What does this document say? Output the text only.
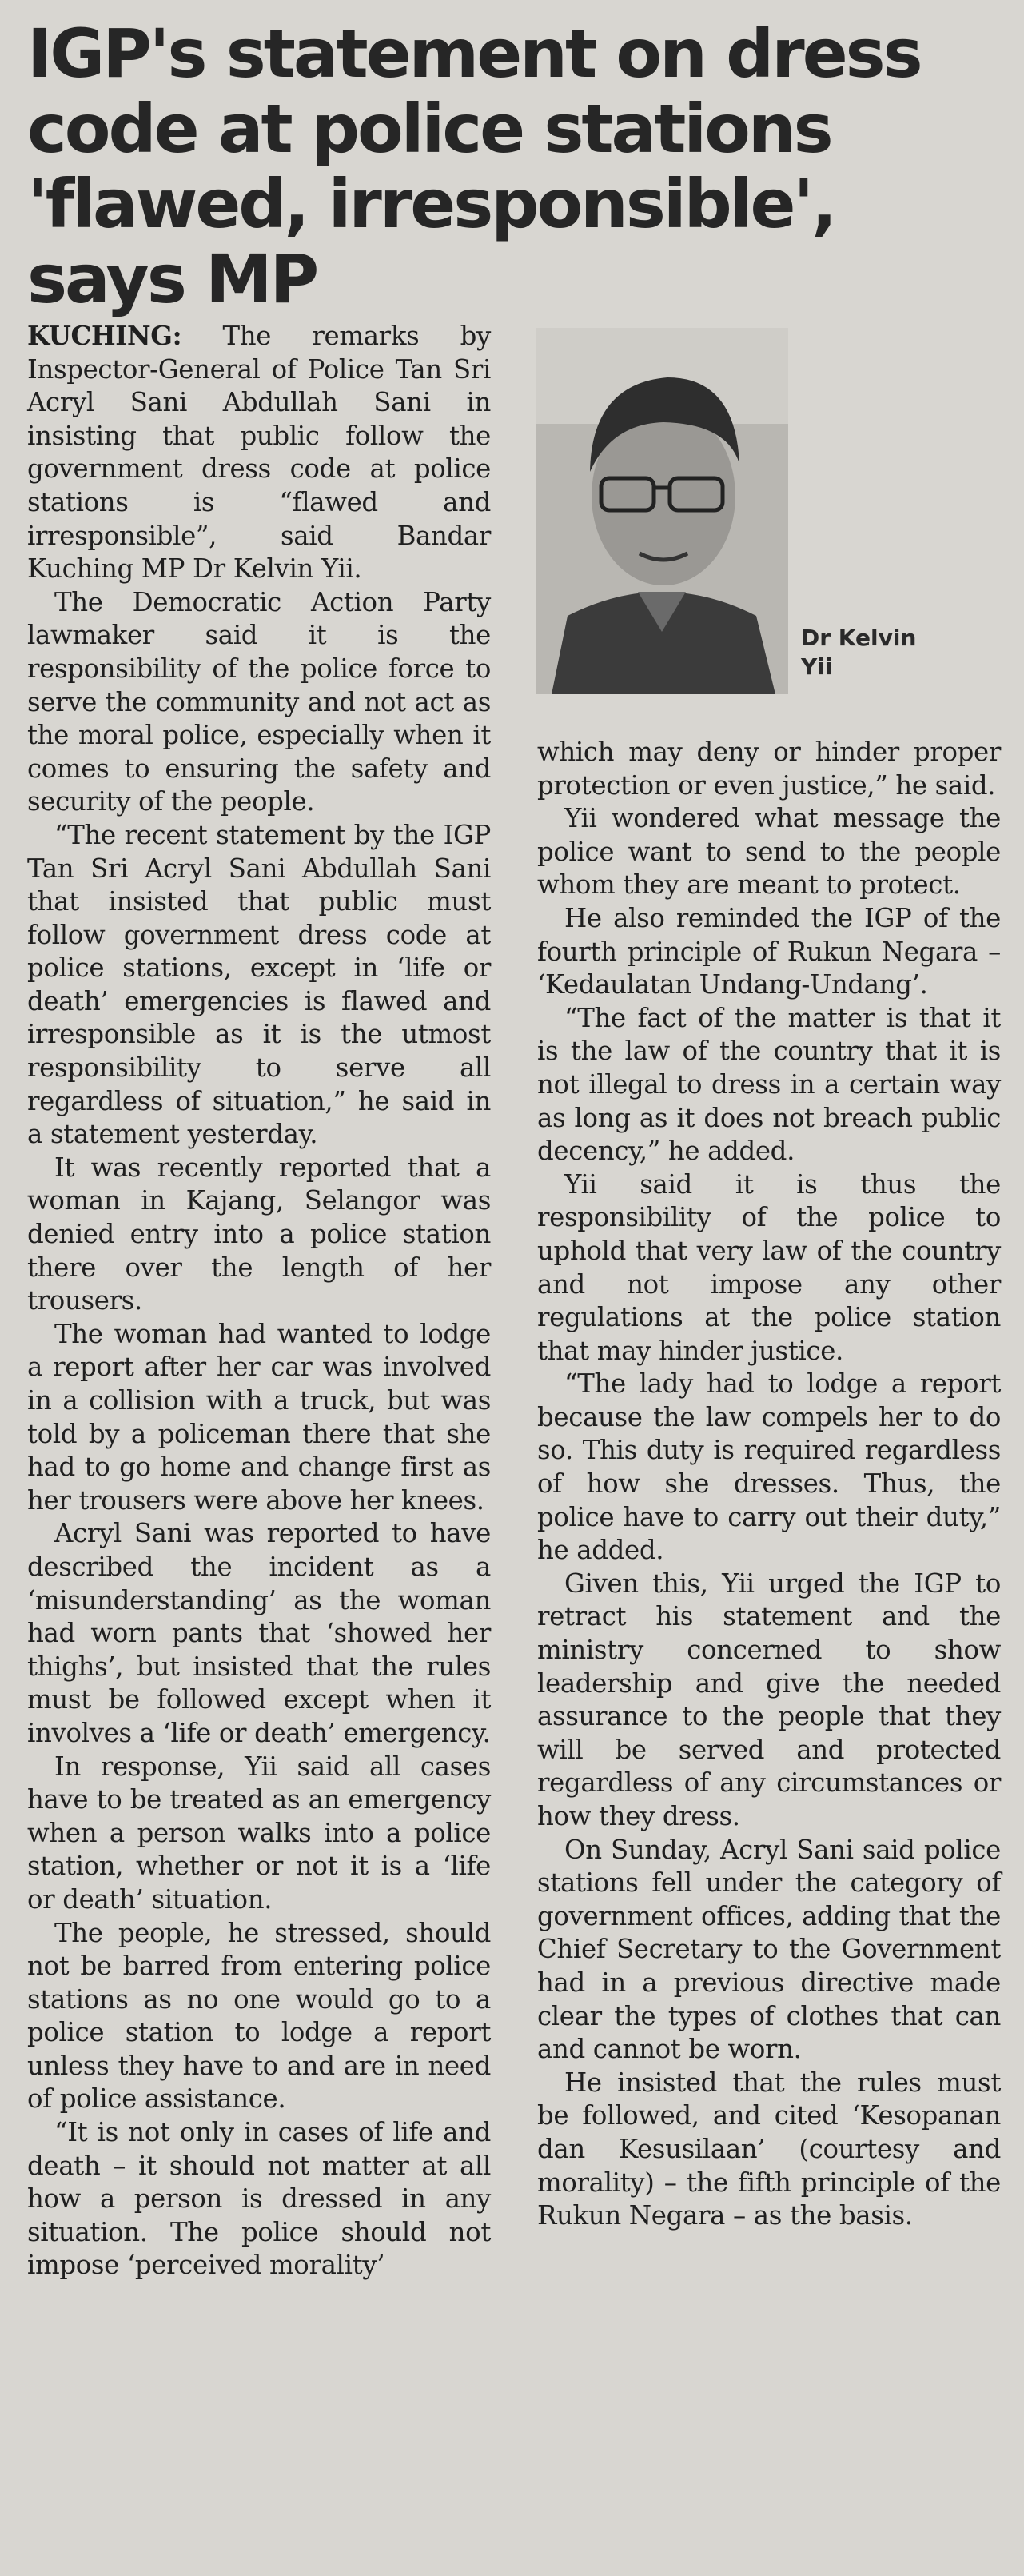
IGP's statement on dress code at police stations 'flawed, irresponsible', says MP

KUCHING: The remarks by Inspector-General of Police Tan Sri Acryl Sani Abdullah Sani in insisting that public follow the government dress code at police stations is “flawed and irresponsible”, said Bandar Kuching MP Dr Kelvin Yii.

The Democratic Action Party lawmaker said it is the responsibility of the police force to serve the community and not act as the moral police, especially when it comes to ensuring the safety and security of the people.

“The recent statement by the IGP Tan Sri Acryl Sani Abdullah Sani that insisted that public must follow government dress code at police stations, except in ‘life or death’ emergencies is flawed and irresponsible as it is the utmost responsibility to serve all regardless of situation,” he said in a statement yesterday.

It was recently reported that a woman in Kajang, Selangor was denied entry into a police station there over the length of her trousers.

The woman had wanted to lodge a report after her car was involved in a collision with a truck, but was told by a policeman there that she had to go home and change first as her trousers were above her knees.

Acryl Sani was reported to have described the incident as a ‘misunderstanding’ as the woman had worn pants that ‘showed her thighs’, but insisted that the rules must be followed except when it involves a ‘life or death’ emergency.

In response, Yii said all cases have to be treated as an emergency when a person walks into a police station, whether or not it is a ‘life or death’ situation.

The people, he stressed, should not be barred from entering police stations as no one would go to a police station to lodge a report unless they have to and are in need of police assistance.

“It is not only in cases of life and death – it should not matter at all how a person is dressed in any situation. The police should not impose ‘perceived morality’

Dr Kelvin Yii

which may deny or hinder proper protection or even justice,” he said.

Yii wondered what message the police want to send to the people whom they are meant to protect.

He also reminded the IGP of the fourth principle of Rukun Negara – ‘Kedaulatan Undang-Undang’.

“The fact of the matter is that it is the law of the country that it is not illegal to dress in a certain way as long as it does not breach public decency,” he added.

Yii said it is thus the responsibility of the police to uphold that very law of the country and not impose any other regulations at the police station that may hinder justice.

“The lady had to lodge a report because the law compels her to do so. This duty is required regardless of how she dresses. Thus, the police have to carry out their duty,” he added.

Given this, Yii urged the IGP to retract his statement and the ministry concerned to show leadership and give the needed assurance to the people that they will be served and protected regardless of any circumstances or how they dress.

On Sunday, Acryl Sani said police stations fell under the category of government offices, adding that the Chief Secretary to the Government had in a previous directive made clear the types of clothes that can and cannot be worn.

He insisted that the rules must be followed, and cited ‘Kesopanan dan Kesusilaan’ (courtesy and morality) – the fifth principle of the Rukun Negara – as the basis.
